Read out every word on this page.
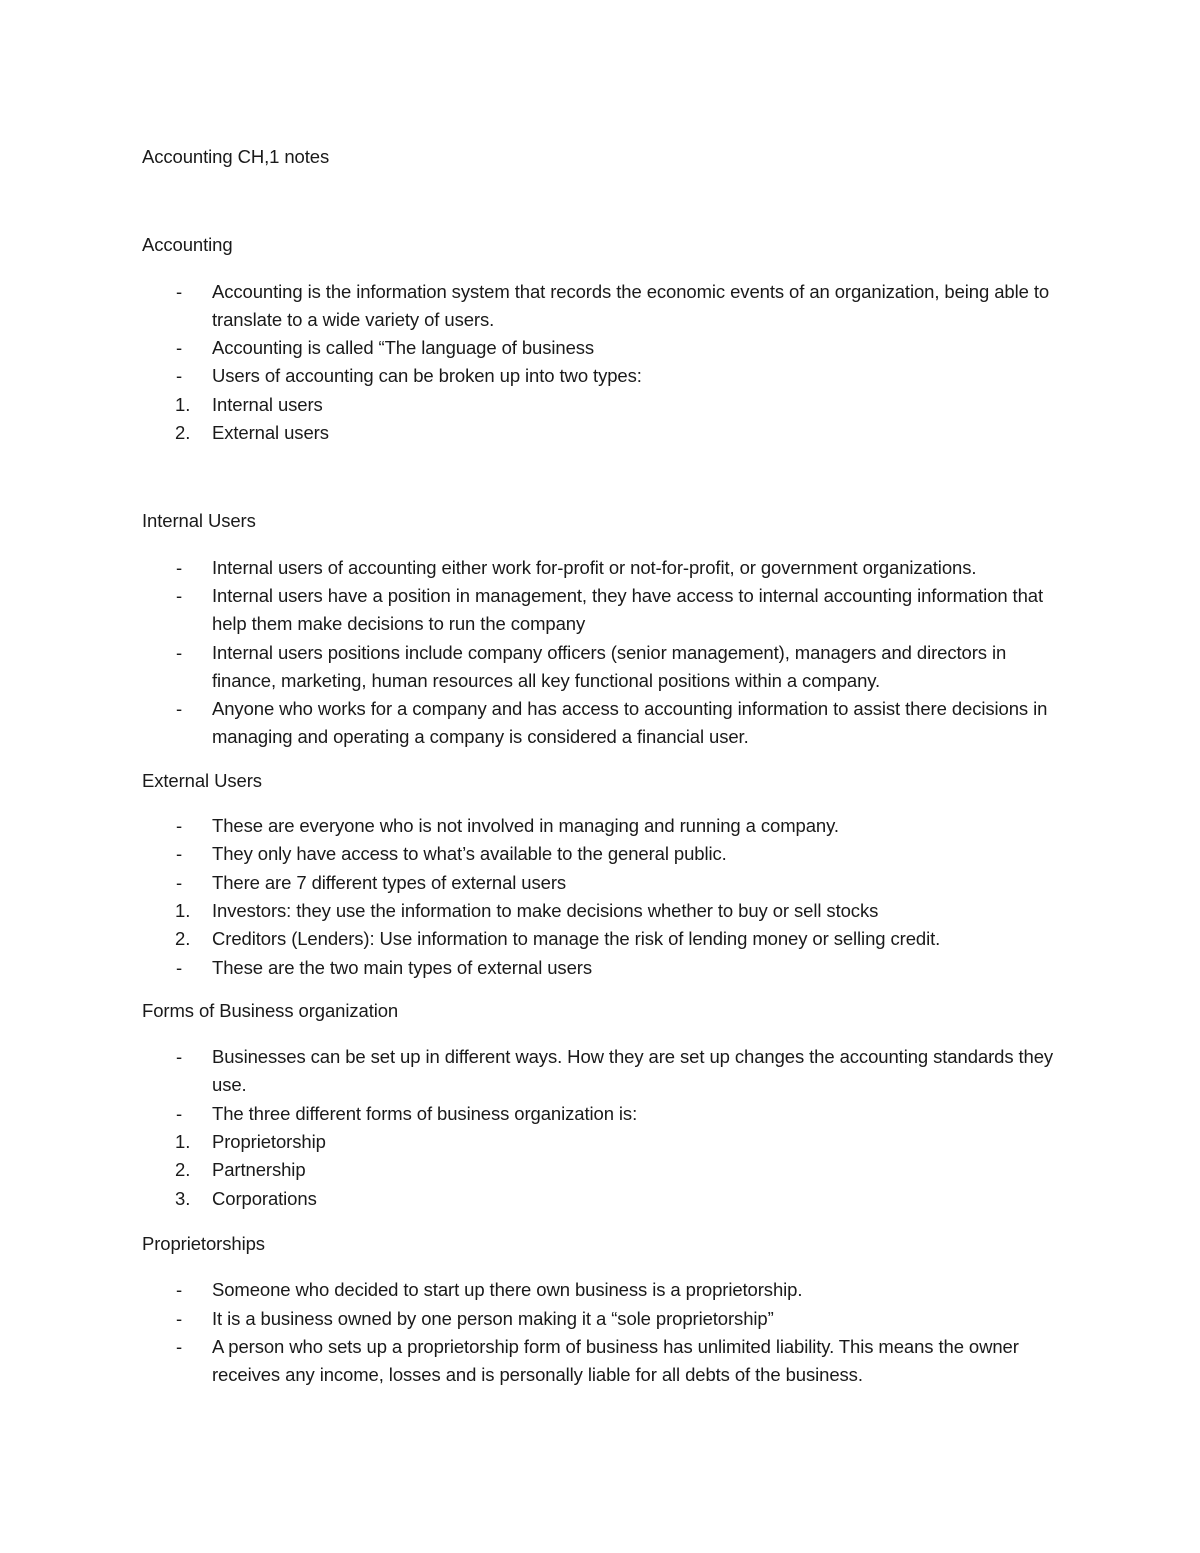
Accounting CH,1 notes

Accounting

-	Accounting is the information system that records the economic events of an organization, being able to translate to a wide variety of users.
-	Accounting is called “The language of business
-	Users of accounting can be broken up into two types:
1.	Internal users
2.	External users

Internal Users

-	Internal users of accounting either work for-profit or not-for-profit, or government organizations.
-	Internal users have a position in management, they have access to internal accounting information that help them make decisions to run the company
-	Internal users positions include company officers (senior management), managers and directors in finance, marketing, human resources all key functional positions within a company.
-	Anyone who works for a company and has access to accounting information to assist there decisions in managing and operating a company is considered a financial user.

External Users

-	These are everyone who is not involved in managing and running a company.
-	They only have access to what’s available to the general public.
-	There are 7 different types of external users
1.	Investors: they use the information to make decisions whether to buy or sell stocks
2.	Creditors (Lenders): Use information to manage the risk of lending money or selling credit.
-	These are the two main types of external users

Forms of Business organization

-	Businesses can be set up in different ways. How they are set up changes the accounting standards they use.
-	The three different forms of business organization is:
1.	Proprietorship
2.	Partnership
3.	Corporations

Proprietorships

-	Someone who decided to start up there own business is a proprietorship.
-	It is a business owned by one person making it a “sole proprietorship”
-	A person who sets up a proprietorship form of business has unlimited liability. This means the owner receives any income, losses and is personally liable for all debts of the business.
